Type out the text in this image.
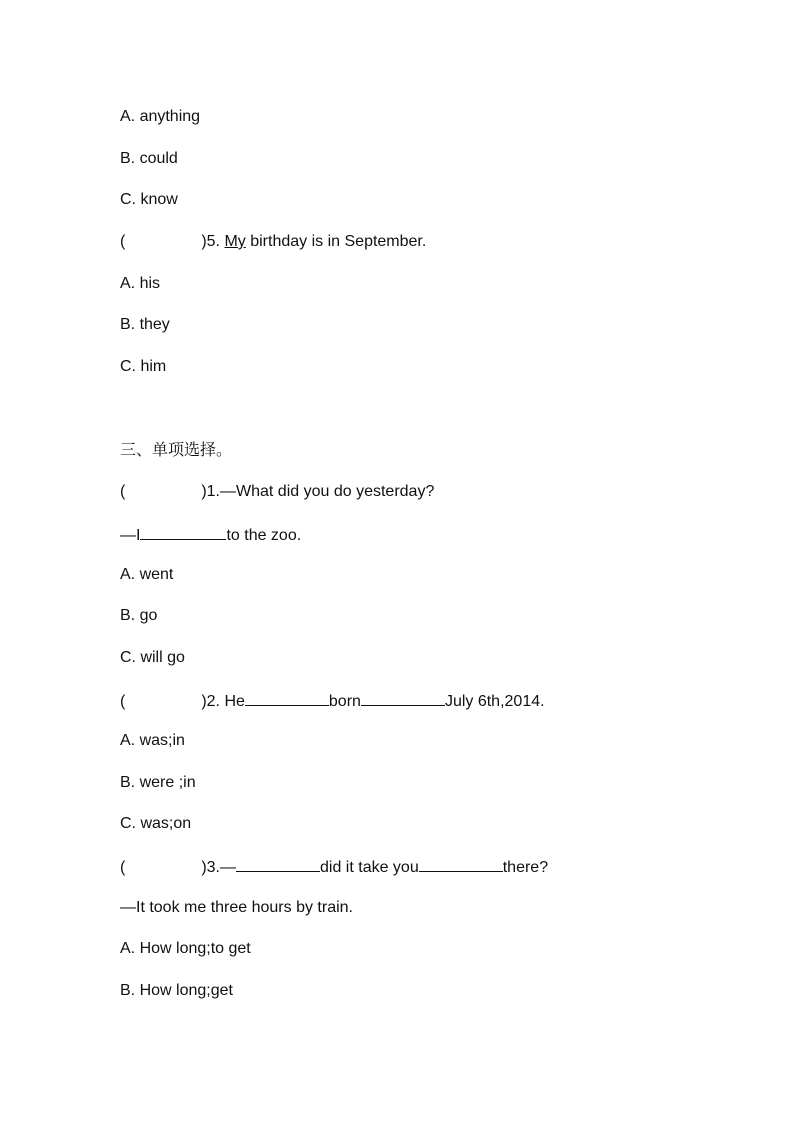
A. anything
B. could
C. know
(	)5. My birthday is in September.
A. his
B. they
C. him
三、单项选择。
(	)1.—What did you do yesterday?
—I	to the zoo.
A. went
B. go
C. will go
(	)2. He	born	July 6th,2014.
A. was;in
B. were ;in
C. was;on
(	)3.—	did it take you	there?
—It took me three hours by train.
A. How long;to get
B. How long;get
